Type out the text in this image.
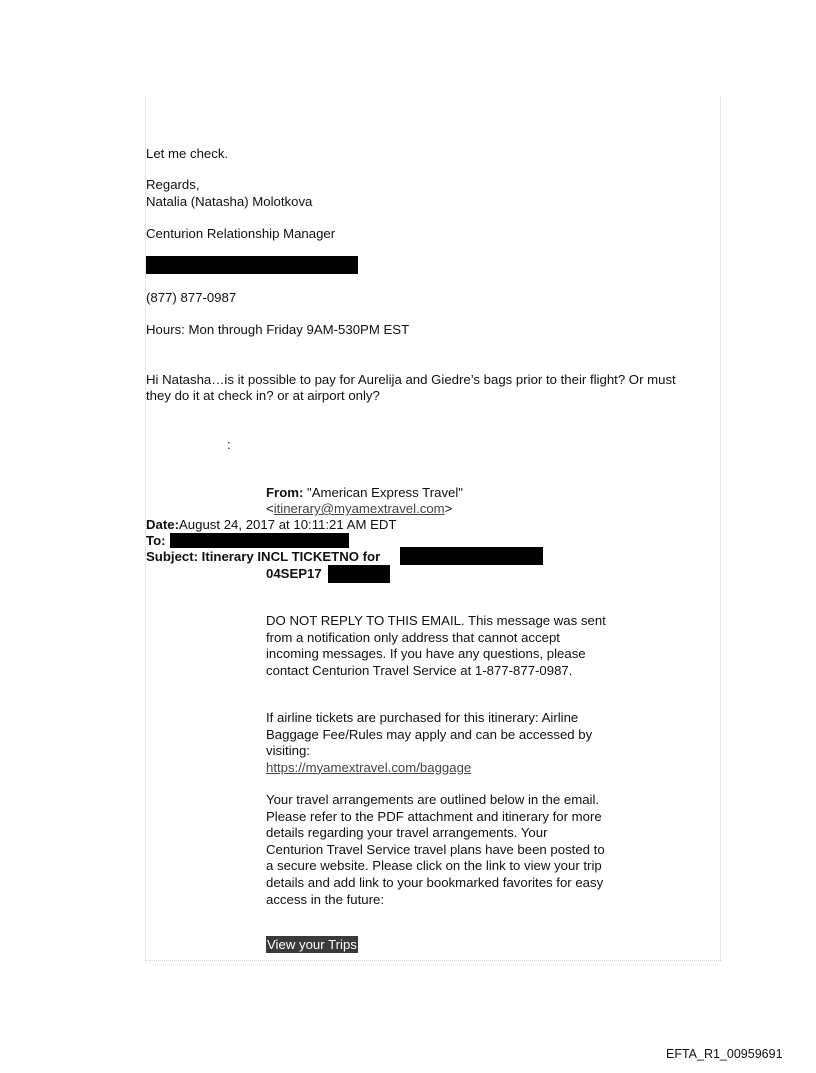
Let me check.
Regards,
Natalia (Natasha) Molotkova
Centurion Relationship Manager
(877) 877-0987
Hours: Mon through Friday 9AM-530PM EST
Hi Natasha…is it possible to pay for Aurelija and Giedre’s bags prior to their flight? Or must
they do it at check in? or at airport only?
:
From: "American Express Travel"
<itinerary@myamextravel.com>
Date:August 24, 2017 at 10:11:21 AM EDT
To:
Subject: Itinerary INCL TICKETNO for
04SEP17
DO NOT REPLY TO THIS EMAIL. This message was sent from a notification only address that cannot accept incoming messages. If you have any questions, please contact Centurion Travel Service at 1-877-877-0987.
If airline tickets are purchased for this itinerary: Airline Baggage Fee/Rules may apply and can be accessed by visiting:
https://myamextravel.com/baggage
Your travel arrangements are outlined below in the email. Please refer to the PDF attachment and itinerary for more details regarding your travel arrangements. Your Centurion Travel Service travel plans have been posted to a secure website. Please click on the link to view your trip details and add link to your bookmarked favorites for easy access in the future:
View your Trips
EFTA_R1_00959691
